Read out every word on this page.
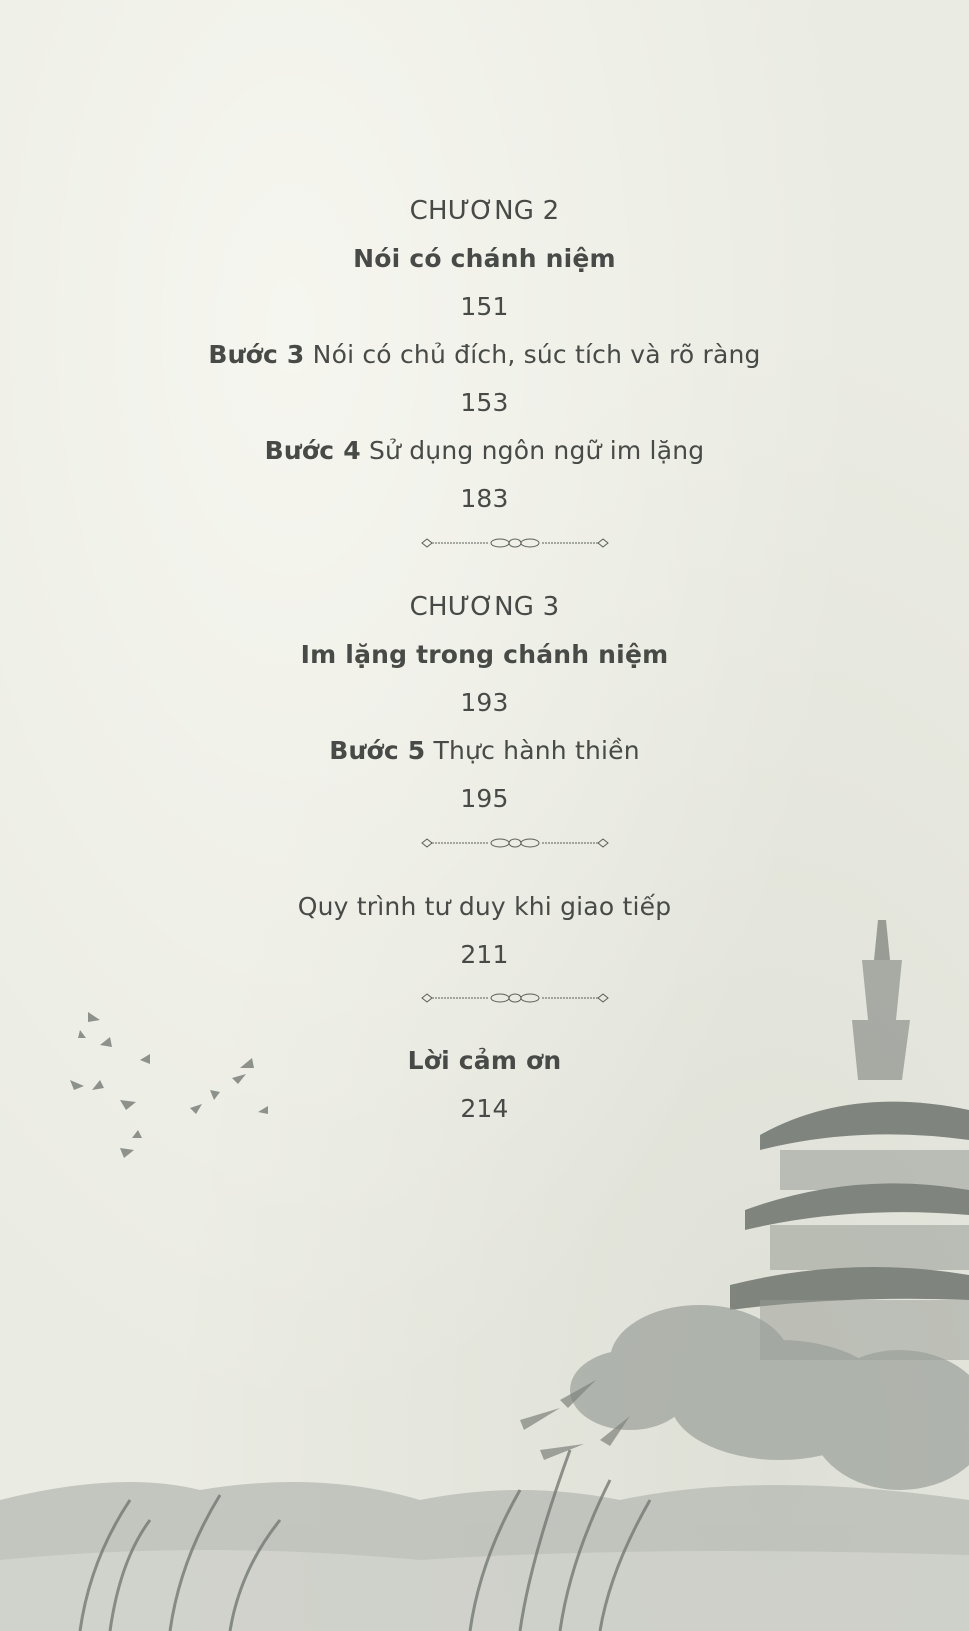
CHƯƠNG 2
Nói có chánh niệm
151
Bước 3 Nói có chủ đích, súc tích và rõ ràng
153
Bước 4 Sử dụng ngôn ngữ im lặng
183
CHƯƠNG 3
Im lặng trong chánh niệm
193
Bước 5 Thực hành thiền
195
Quy trình tư duy khi giao tiếp
211
Lời cảm ơn
214
